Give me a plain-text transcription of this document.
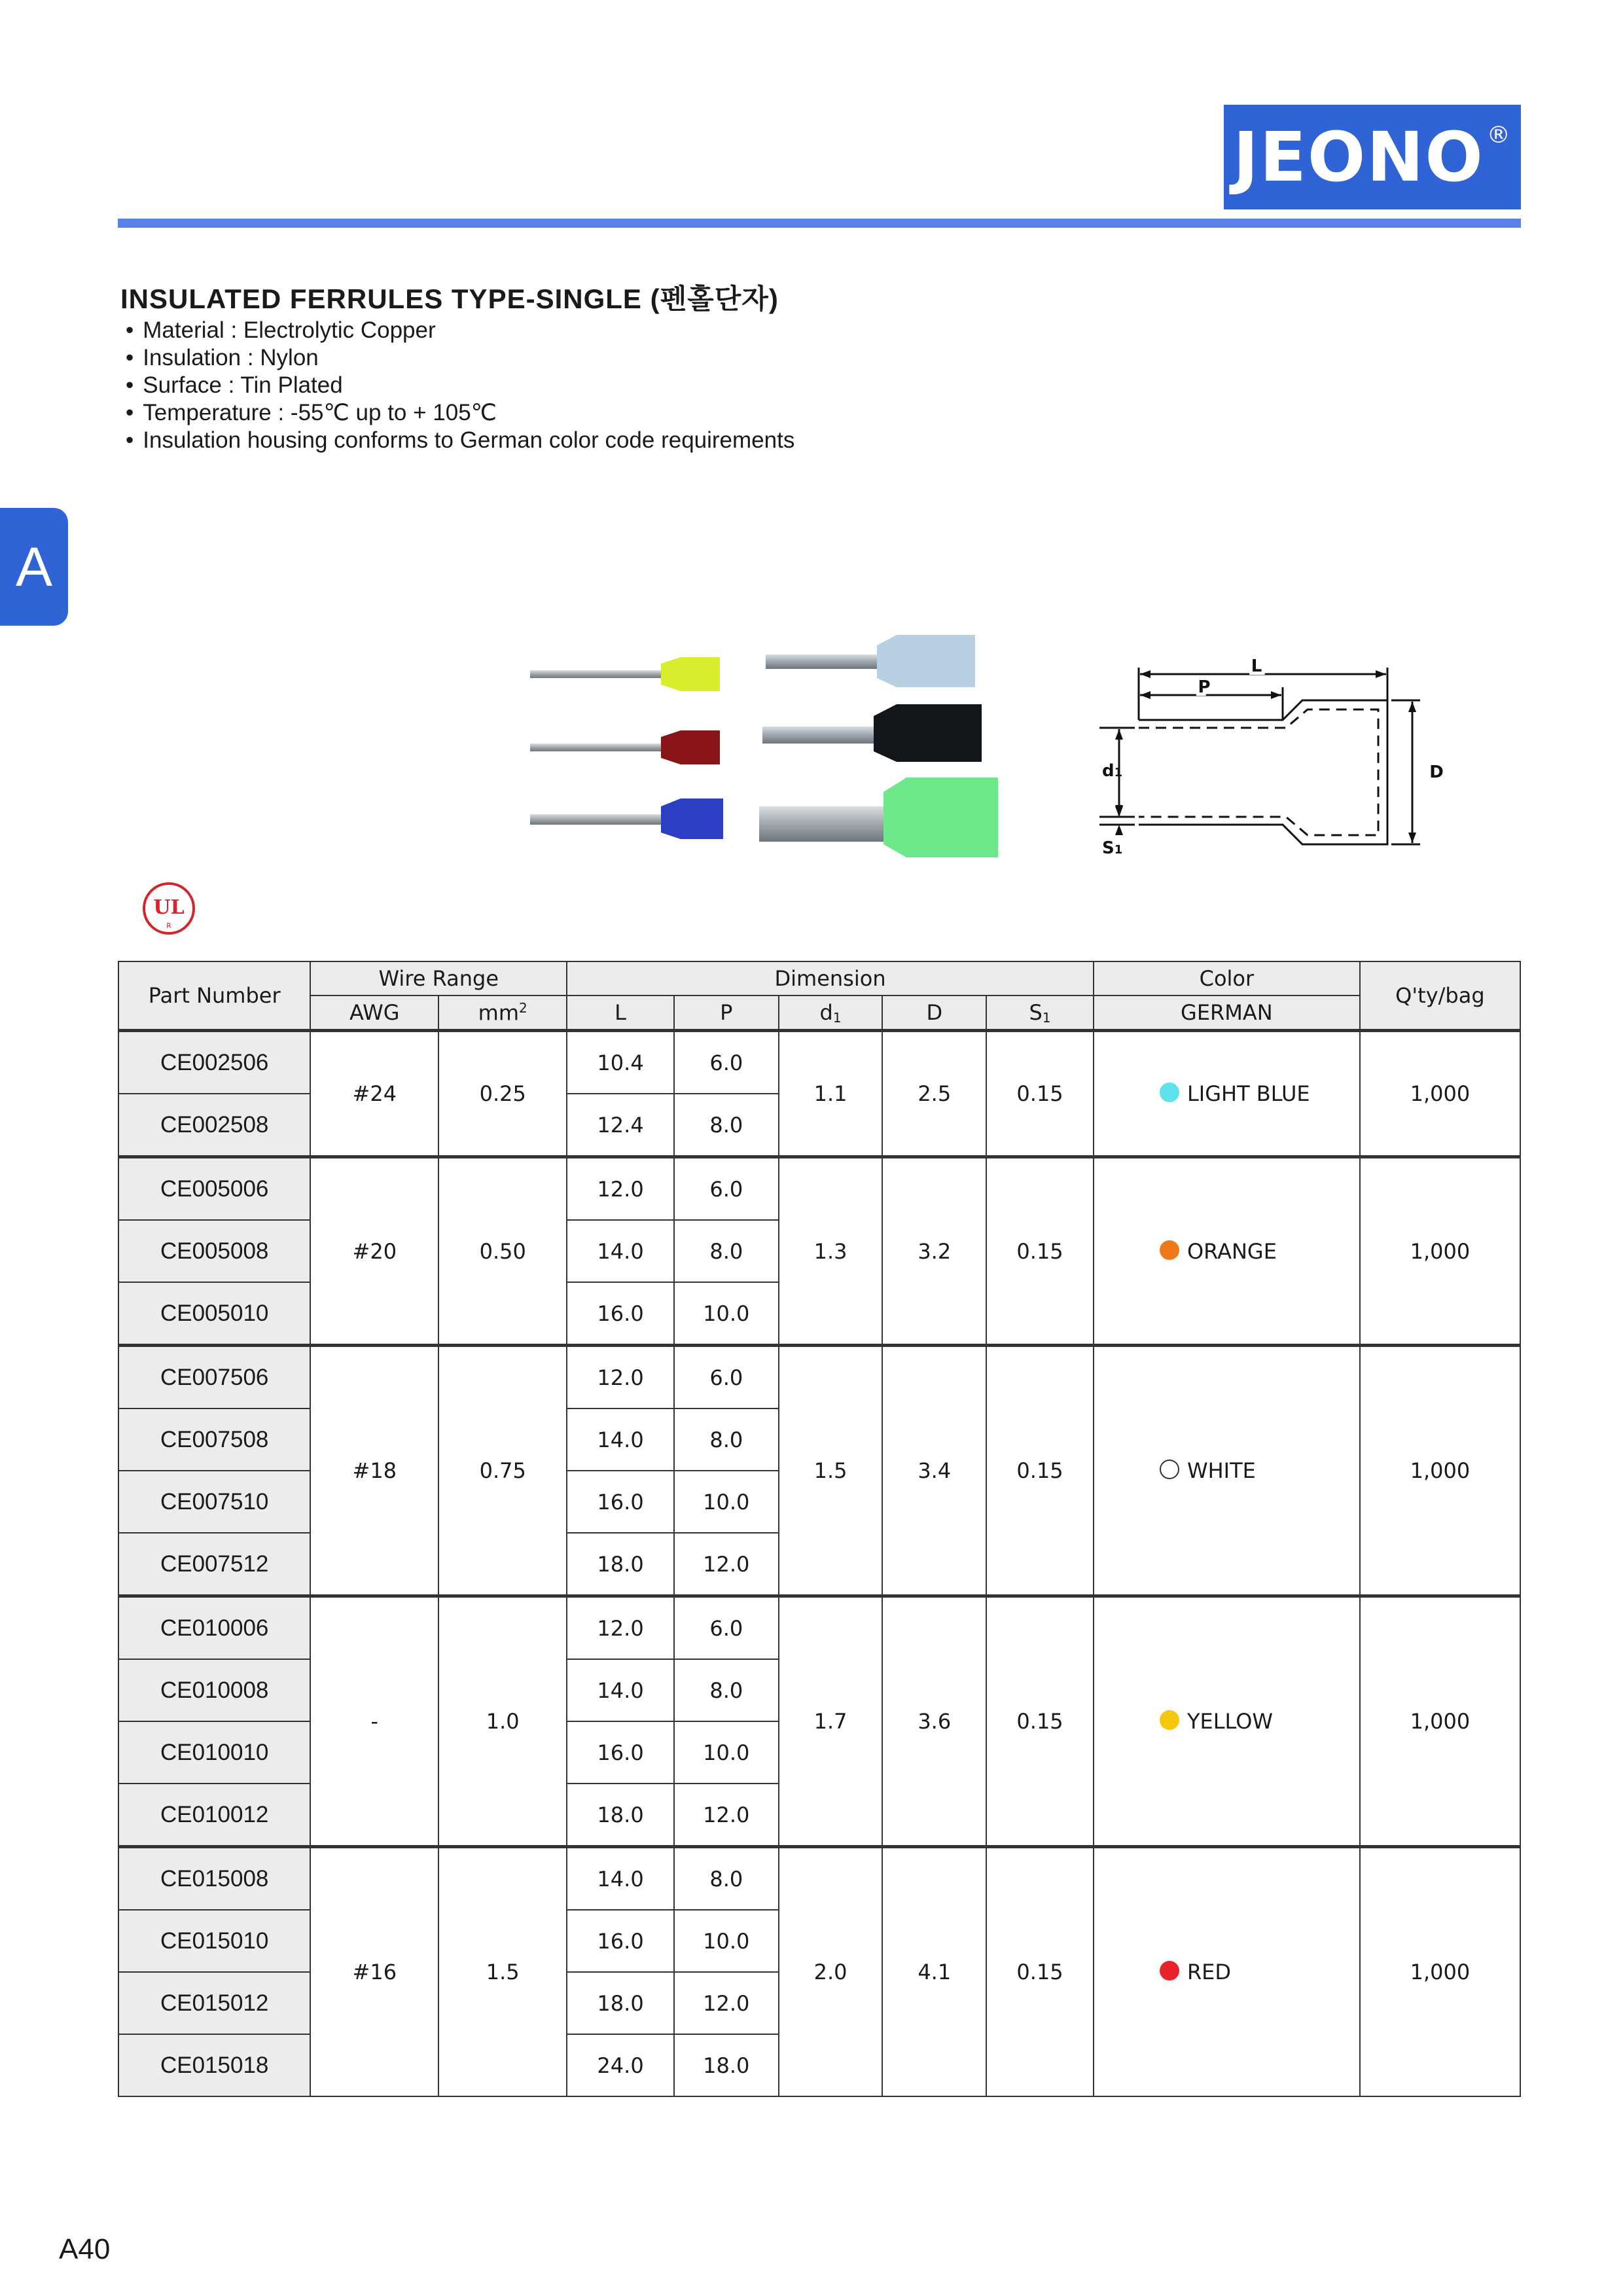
JEONO®
A
INSULATED FERRULES TYPE-SINGLE (펜홀단자)
• Material : Electrolytic Copper
• Insulation : Nylon
• Surface : Tin Plated
• Temperature : -55℃ up to + 105℃
• Insulation housing conforms to German color code requirements
L
P
D
d1
S1
UL
R
Part Number	Wire Range		Dimension					Color	Q'ty/bag
	AWG	$mm^2$	L	P	d1	D	S1	GERMAN	
CE002506	#24	0.25	10.4	6.0	1.1	2.5	0.15	LIGHT BLUE	1,000
CE002508			12.4	8.0					
CE005006	#20	0.50	12.0	6.0	1.3	3.2	0.15	ORANGE	1,000
CE005008			14.0	8.0					
CE005010			16.0	10.0					
CE007506	#18	0.75	12.0	6.0	1.5	3.4	0.15	WHITE	1,000
CE007508			14.0	8.0					
CE007510			16.0	10.0					
CE007512			18.0	12.0					
CE010006	-	1.0	12.0	6.0	1.7	3.6	0.15	YELLOW	1,000
CE010008			14.0	8.0					
CE010010			16.0	10.0					
CE010012			18.0	12.0					
CE015008	#16	1.5	14.0	8.0	2.0	4.1	0.15	RED	1,000
CE015010			16.0	10.0					
CE015012			18.0	12.0					
CE015018			24.0	18.0					
A40
